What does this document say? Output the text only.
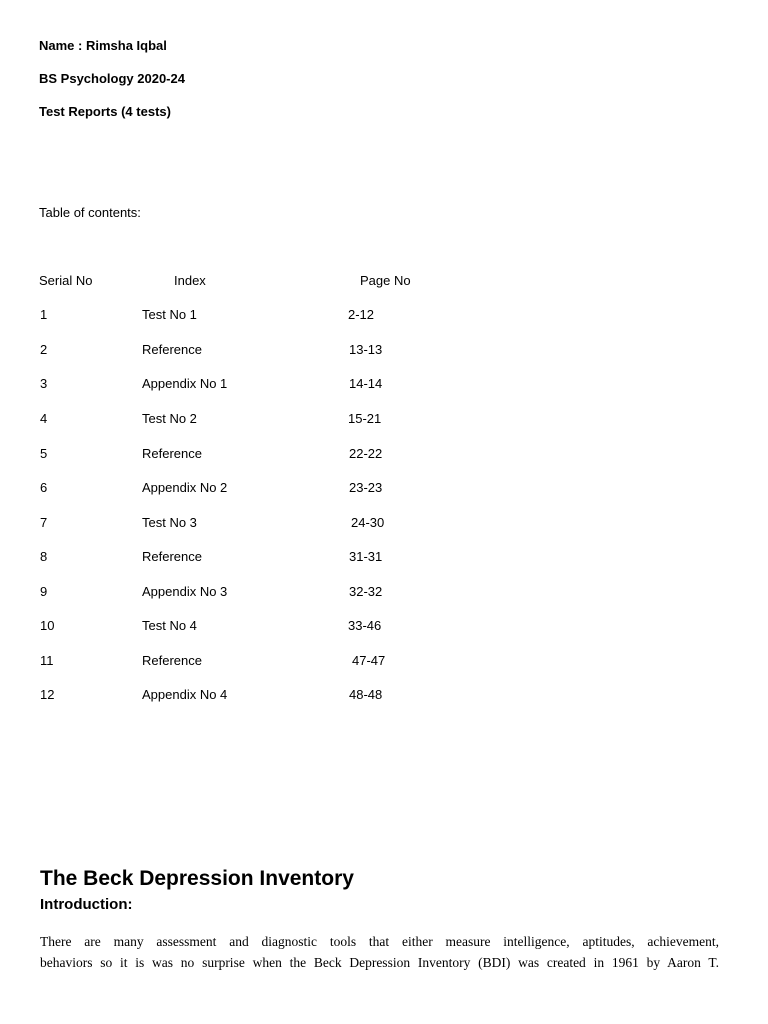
Name : Rimsha Iqbal
BS Psychology 2020-24
Test Reports (4 tests)
Table of contents:
Serial No	Index	Page No
1	Test No 1	2-12
2	Reference	13-13
3	Appendix No 1	14-14
4	Test No 2	15-21
5	Reference	22-22
6	Appendix No 2	23-23
7	Test No 3	24-30
8	Reference	31-31
9	Appendix No 3	32-32
10	Test No 4	33-46
11	Reference	47-47
12	Appendix No 4	48-48
The Beck Depression Inventory
Introduction:
There are many assessment and diagnostic tools that either measure intelligence, aptitudes, achievement,
behaviors so it is was no surprise when the Beck Depression Inventory (BDI) was created in 1961 by Aaron T.
